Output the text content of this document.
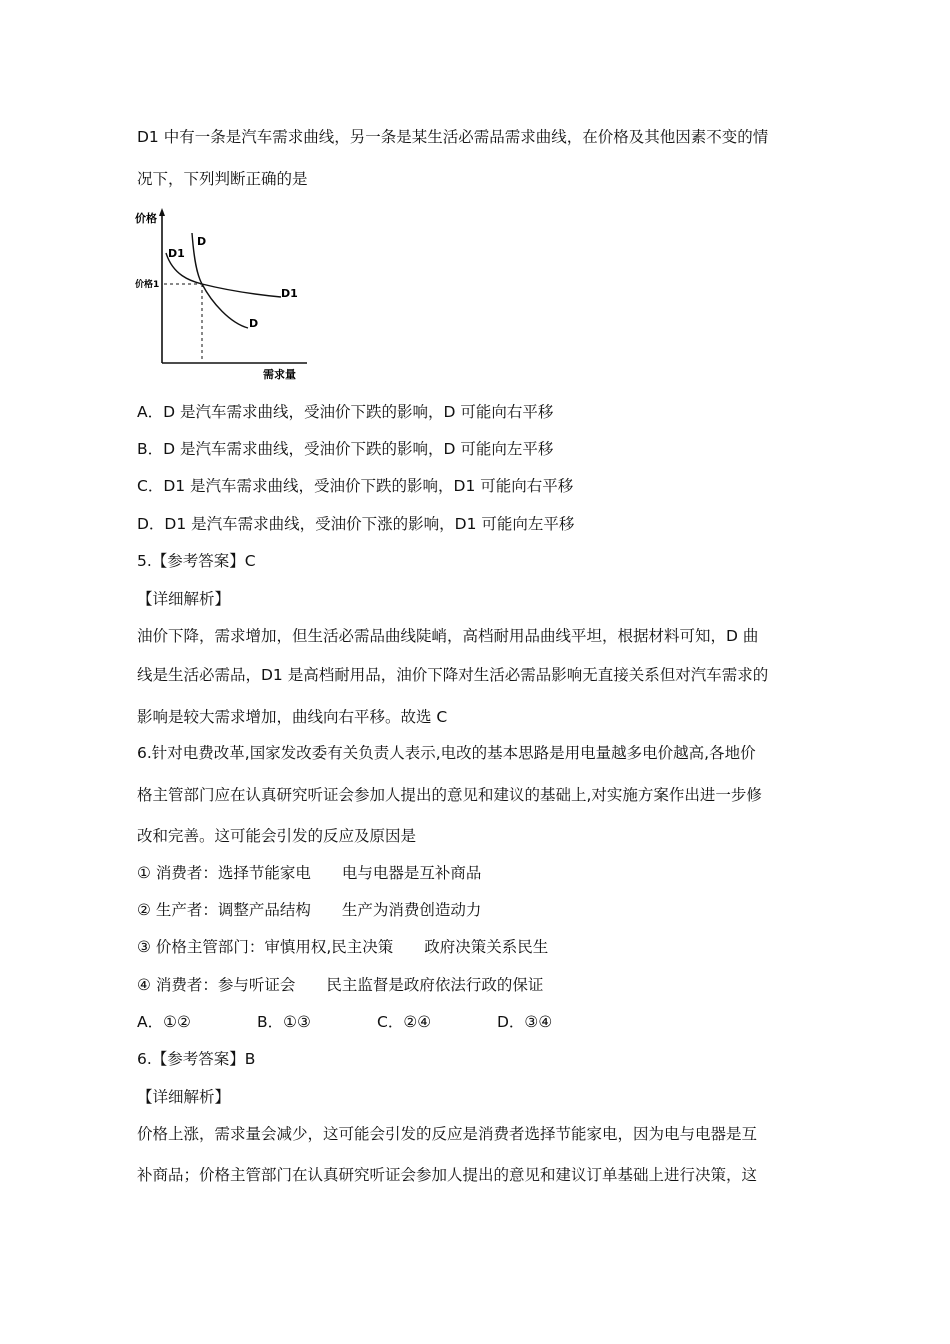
D1 中有一条是汽车需求曲线，另一条是某生活必需品需求曲线，在价格及其他因素不变的情
况下，下列判断正确的是
价格
需求量
价格1
D1
D
D1
D
A．D 是汽车需求曲线，受油价下跌的影响，D 可能向右平移
B．D 是汽车需求曲线，受油价下跌的影响，D 可能向左平移
C．D1 是汽车需求曲线，受油价下跌的影响，D1 可能向右平移
D．D1 是汽车需求曲线，受油价下涨的影响，D1 可能向左平移
5.【参考答案】C
【详细解析】
油价下降，需求增加，但生活必需品曲线陡峭，高档耐用品曲线平坦，根据材料可知，D 曲
线是生活必需品，D1 是高档耐用品，油价下降对生活必需品影响无直接关系但对汽车需求的
影响是较大需求增加，曲线向右平移。故选 C
6.针对电费改革,国家发改委有关负责人表示,电改的基本思路是用电量越多电价越高,各地价
格主管部门应在认真研究听证会参加人提出的意见和建议的基础上,对实施方案作出进一步修
改和完善。这可能会引发的反应及原因是
① 消费者：选择节能家电　　电与电器是互补商品
② 生产者：调整产品结构　　生产为消费创造动力
③ 价格主管部门：审慎用权,民主决策　　政府决策关系民生
④ 消费者：参与听证会　　民主监督是政府依法行政的保证
A．①②	B．①③	C．②④	D．③④
6.【参考答案】B
【详细解析】
价格上涨，需求量会减少，这可能会引发的反应是消费者选择节能家电，因为电与电器是互
补商品；价格主管部门在认真研究听证会参加人提出的意见和建议订单基础上进行决策，这
